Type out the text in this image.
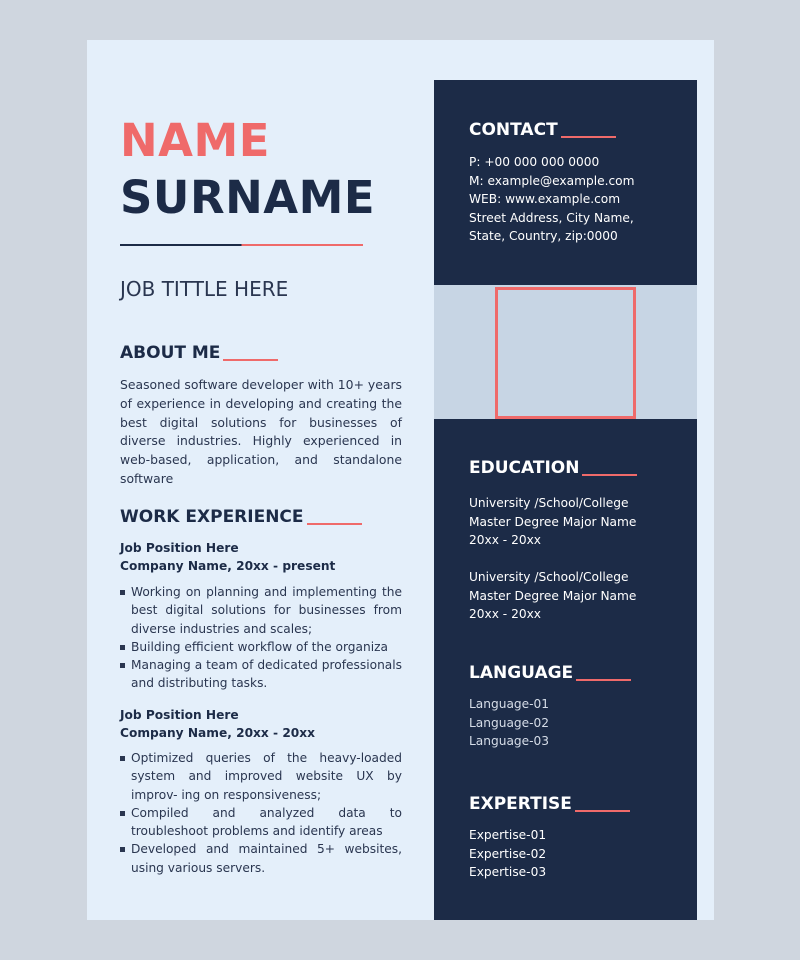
NAME
SURNAME
JOB TITTLE HERE
ABOUT ME
Seasoned software developer with 10+ years of experience in developing and creating the best digital solutions for businesses of diverse industries. Highly experienced in web-based, application, and standalone software
WORK EXPERIENCE
Job Position Here
Company Name, 20xx - present
Working on planning and implementing the best digital solutions for businesses from diverse industries and scales;
Building efficient workflow of the organiza
Managing a team of dedicated professionals and distributing tasks.
Job Position Here
Company Name, 20xx - 20xx
Optimized queries of the heavy-loaded system and improved website UX by improv- ing on responsiveness;
Compiled and analyzed data to troubleshoot problems and identify areas
Developed and maintained 5+ websites, using various servers.
CONTACT
P: +00 000 000 0000
M: example@example.com
WEB: www.example.com
Street Address, City Name,
State, Country, zip:0000
EDUCATION
University /School/College
Master Degree Major Name
20xx - 20xx
University /School/College
Master Degree Major Name
20xx - 20xx
LANGUAGE
Language-01
Language-02
Language-03
EXPERTISE
Expertise-01
Expertise-02
Expertise-03
